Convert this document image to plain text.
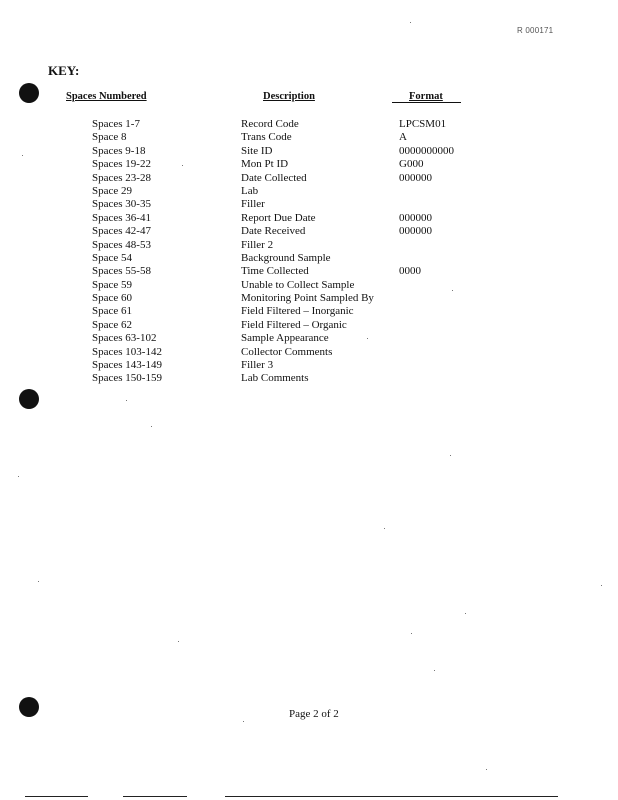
R 000171
KEY:
Spaces Numbered	Description	Format
Spaces 1-7	Record Code	LPCSM01
Space 8	Trans Code	A
Spaces 9-18	Site ID	0000000000
Spaces 19-22	Mon Pt ID	G000
Spaces 23-28	Date Collected	000000
Space 29	Lab
Spaces 30-35	Filler
Spaces 36-41	Report Due Date	000000
Spaces 42-47	Date Received	000000
Spaces 48-53	Filler 2
Space 54	Background Sample
Spaces 55-58	Time Collected	0000
Space 59	Unable to Collect Sample
Space 60	Monitoring Point Sampled By
Space 61	Field Filtered – Inorganic
Space 62	Field Filtered – Organic
Spaces 63-102	Sample Appearance
Spaces 103-142	Collector Comments
Spaces 143-149	Filler 3
Spaces 150-159	Lab Comments
Page 2 of 2
